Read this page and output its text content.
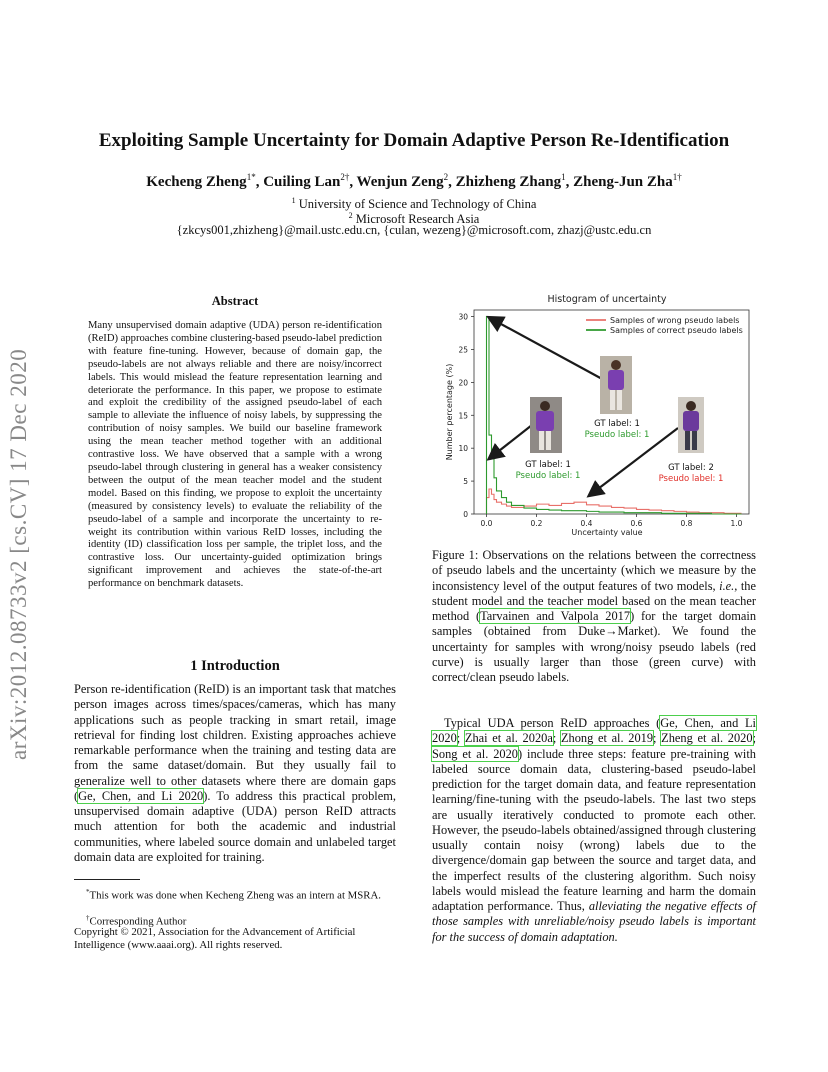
arXiv:2012.08733v2 [cs.CV] 17 Dec 2020
Exploiting Sample Uncertainty for Domain Adaptive Person Re-Identification
Kecheng Zheng$^{1*}$, Cuiling Lan$^{2\dagger}$, Wenjun Zeng$^2$, Zhizheng Zhang$^1$, Zheng-Jun Zha$^{1\dagger}$
$^1$ University of Science and Technology of China
$^2$ Microsoft Research Asia
{zkcys001,zhizheng}@mail.ustc.edu.cn, {culan, wezeng}@microsoft.com, zhazj@ustc.edu.cn
Abstract
Many unsupervised domain adaptive (UDA) person re-identification (ReID) approaches combine clustering-based pseudo-label prediction with feature fine-tuning. However, because of domain gap, the pseudo-labels are not always reliable and there are noisy/incorrect labels. This would mislead the feature representation learning and deteriorate the performance. In this paper, we propose to estimate and exploit the credibility of the assigned pseudo-label of each sample to alleviate the influence of noisy labels, by suppressing the contribution of noisy samples. We build our baseline framework using the mean teacher method together with an additional contrastive loss. We have observed that a sample with a wrong pseudo-label through clustering in general has a weaker consistency between the output of the mean teacher model and the student model. Based on this finding, we propose to exploit the uncertainty (measured by consistency levels) to evaluate the reliability of the pseudo-label of a sample and incorporate the uncertainty to re-weight its contribution within various ReID losses, including the identity (ID) classification loss per sample, the triplet loss, and the contrastive loss. Our uncertainty-guided optimization brings significant improvement and achieves the state-of-the-art performance on benchmark datasets.
1 Introduction
Person re-identification (ReID) is an important task that matches person images across times/spaces/cameras, which has many applications such as people tracking in smart retail, image retrieval for finding lost children. Existing approaches achieve remarkable performance when the training and testing data are from the same dataset/domain. But they usually fail to generalize well to other datasets where there are domain gaps (Ge, Chen, and Li 2020). To address this practical problem, unsupervised domain adaptive (UDA) person ReID attracts much attention for both the academic and industrial communities, where labeled source domain and unlabeled target domain data are exploited for training.
*This work was done when Kecheng Zheng was an intern at MSRA.
†Corresponding Author
Copyright © 2021, Association for the Advancement of Artificial Intelligence (www.aaai.org). All rights reserved.
Histogram of uncertainty
0
5
10
15
20
25
30
0.0	0.2	0.4	0.6	0.8	1.0
Uncertainty value
Number percentage (%)
Samples of wrong pseudo labels
Samples of correct pseudo labels
GT label: 1
Pseudo label: 1
GT label: 1
Pseudo label: 1
GT label: 2
Pseudo label: 1
Figure 1: Observations on the relations between the correctness of pseudo labels and the uncertainty (which we measure by the inconsistency level of the output features of two models, i.e., the student model and the teacher model based on the mean teacher method (Tarvainen and Valpola 2017) for the target domain samples (obtained from Duke→Market). We found the uncertainty for samples with wrong/noisy pseudo labels (red curve) is usually larger than those (green curve) with correct/clean pseudo labels.
Typical UDA person ReID approaches (Ge, Chen, and Li 2020; Zhai et al. 2020a; Zhong et al. 2019; Zheng et al. 2020; Song et al. 2020) include three steps: feature pre-training with labeled source domain data, clustering-based pseudo-label prediction for the target domain data, and feature representation learning/fine-tuning with the pseudo-labels. The last two steps are usually iteratively conducted to promote each other. However, the pseudo-labels obtained/assigned through clustering usually contain noisy (wrong) labels due to the divergence/domain gap between the source and target data, and the imperfect results of the clustering algorithm. Such noisy labels would mislead the feature learning and harm the domain adaptation performance. Thus, alleviating the negative effects of those samples with unreliable/noisy pseudo labels is important for the success of domain adaptation.
